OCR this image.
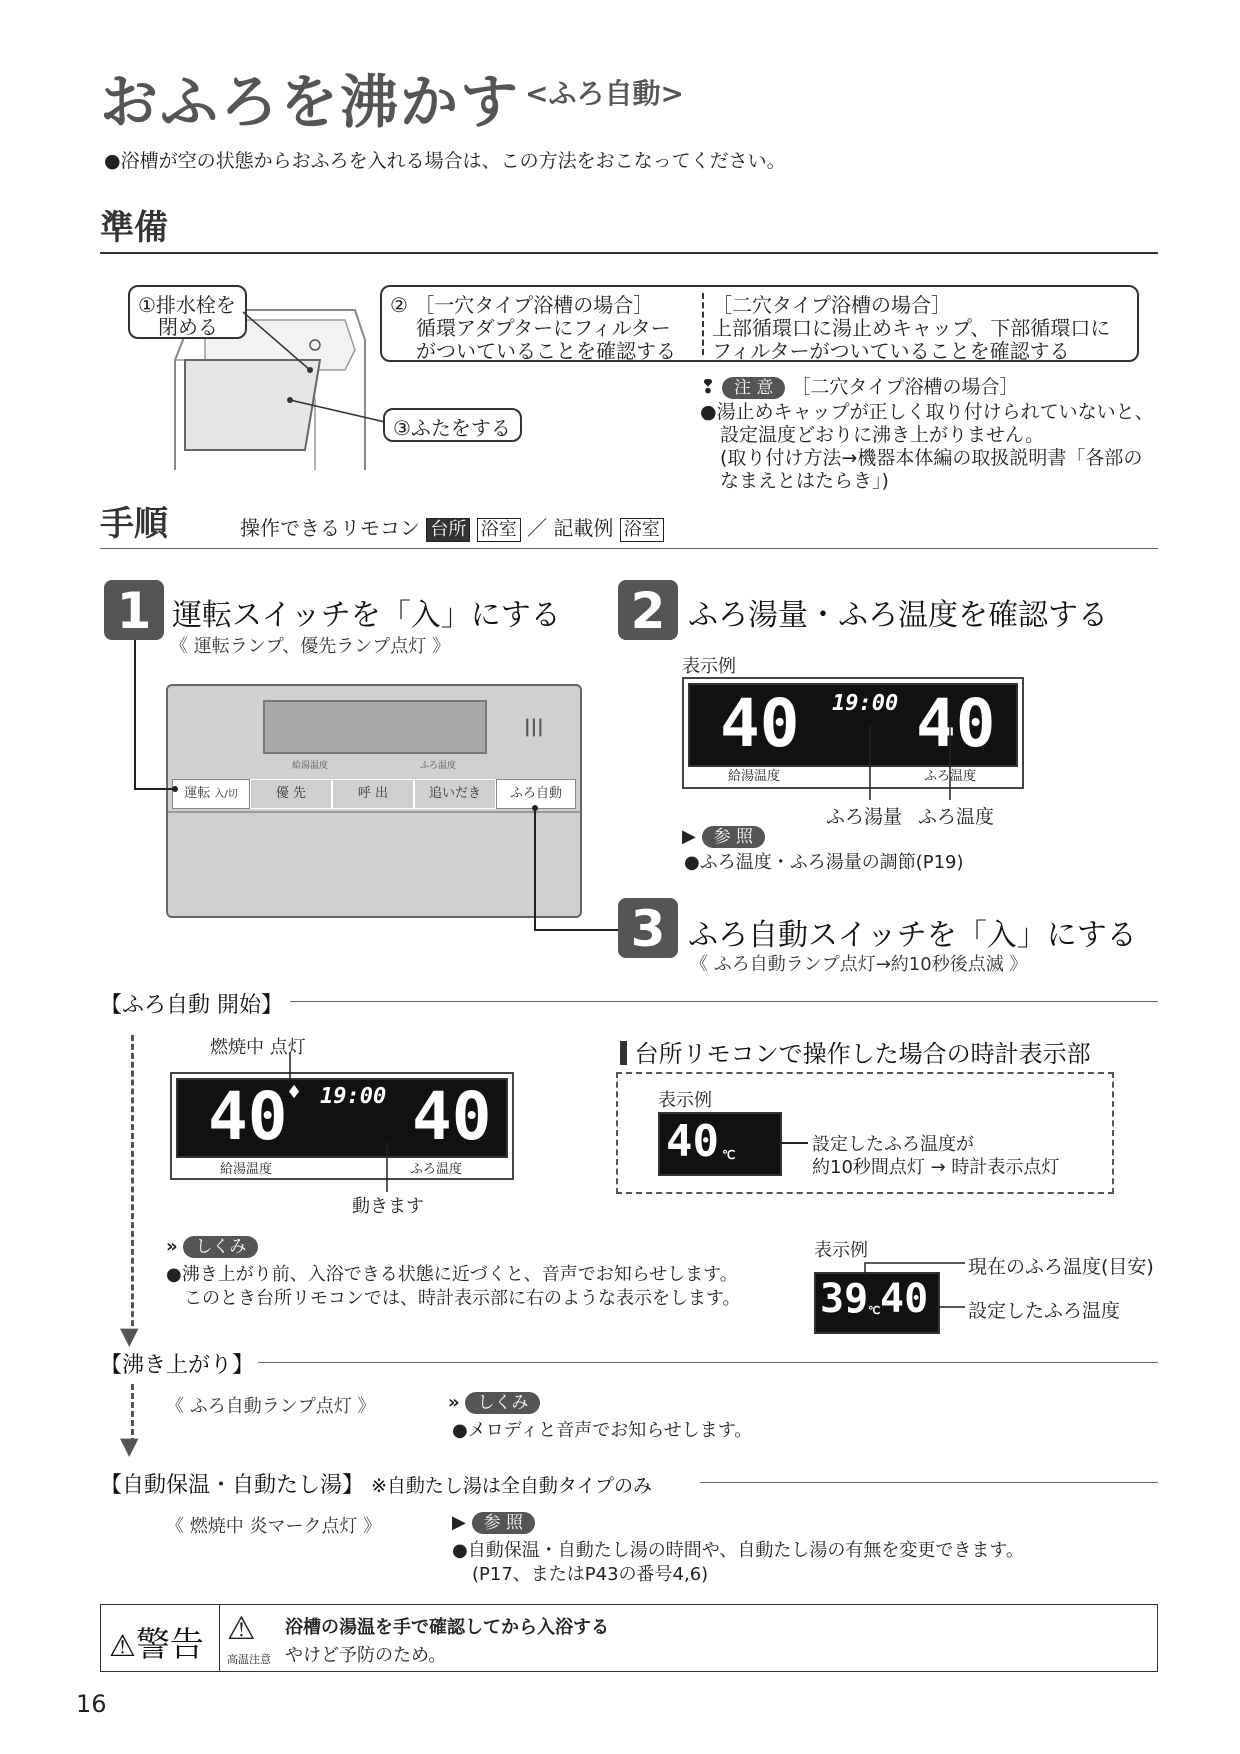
おふろを沸かす <ふろ自動>
●浴槽が空の状態からおふろを入れる場合は、この方法をおこなってください。
準備
①排水栓を
閉める
② ［一穴タイプ浴槽の場合］
循環アダプターにフィルター
がついていることを確認する
［二穴タイプ浴槽の場合］
上部循環口に湯止めキャップ、下部循環口に
フィルターがついていることを確認する
③ふたをする
❢ 注 意 ［二穴タイプ浴槽の場合］
●湯止めキャップが正しく取り付けられていないと、
設定温度どおりに沸き上がりません。
(取り付け方法→機器本体編の取扱説明書「各部の
なまえとはたらき」)
手順	操作できるリモコン 台所 浴室 ／ 記載例 浴室
1 運転スイッチを「入」にする
《 運転ランプ、優先ランプ点灯 》
|||
給湯温度	ふろ温度
運転 入/切	優 先	呼 出	追いだき	ふろ自動
2 ふろ湯量・ふろ温度を確認する
表示例
40 19:00 40
給湯温度	ふろ温度
ふろ湯量 ふろ温度
▶ 参 照
●ふろ温度・ふろ湯量の調節(P19)
3 ふろ自動スイッチを「入」にする
《 ふろ自動ランプ点灯→約10秒後点滅 》
【ふろ自動 開始】
▼
燃焼中 点灯
40
♦ 19:00 40
給湯温度	ふろ温度
動きます
台所リモコンで操作した場合の時計表示部
表示例
40 ℃	設定したふろ温度が
約10秒間点灯 → 時計表示点灯
» しくみ
●沸き上がり前、入浴できる状態に近づくと、音声でお知らせします。
このとき台所リモコンでは、時計表示部に右のような表示をします。
表示例
39 ℃ 40
現在のふろ温度(目安)
設定したふろ温度
【沸き上がり】
▼
《 ふろ自動ランプ点灯 》	» しくみ
●メロディと音声でお知らせします。
【自動保温・自動たし湯】 ※自動たし湯は全自動タイプのみ
《 燃焼中 炎マーク点灯 》	▶ 参 照
●自動保温・自動たし湯の時間や、自動たし湯の有無を変更できます。
(P17、またはP43の番号4,6)
⚠警告 ⚠
高温注意
浴槽の湯温を手で確認してから入浴する
やけど予防のため。
16
